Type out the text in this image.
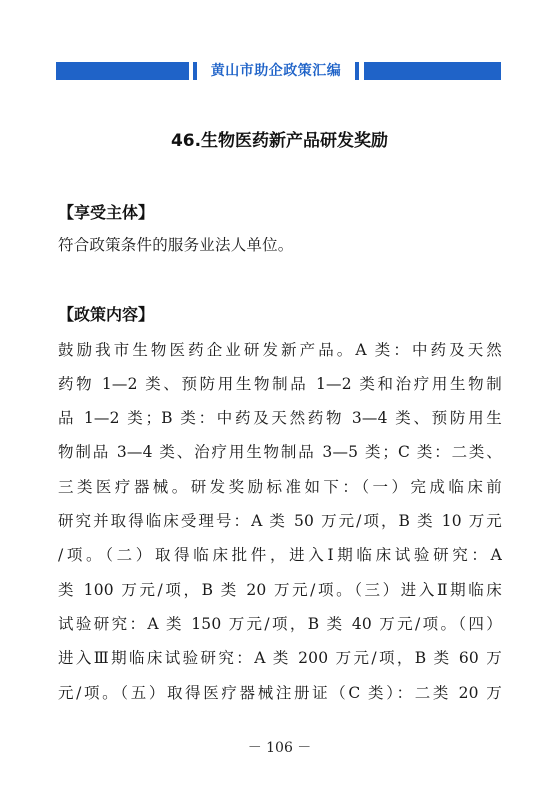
黄山市助企政策汇编
46.生物医药新产品研发奖励
【享受主体】
符合政策条件的服务业法人单位。
【政策内容】
鼓励我市生物医药企业研发新产品。A 类：中药及天然
药物 1—2 类、预防用生物制品 1—2 类和治疗用生物制
品 1—2 类；B 类：中药及天然药物 3—4 类、预防用生
物制品 3—4 类、治疗用生物制品 3—5 类；C 类：二类、
三类医疗器械。研发奖励标准如下：（一）完成临床前
研究并取得临床受理号：A 类 50 万元/项，B 类 10 万元
/项。（二）取得临床批件，进入Ⅰ期临床试验研究：A
类 100 万元/项，B 类 20 万元/项。（三）进入Ⅱ期临床
试验研究：A 类 150 万元/项，B 类 40 万元/项。（四）
进入Ⅲ期临床试验研究：A 类 200 万元/项，B 类 60 万
元/项。（五）取得医疗器械注册证（C 类）：二类 20 万
－ 106 －
